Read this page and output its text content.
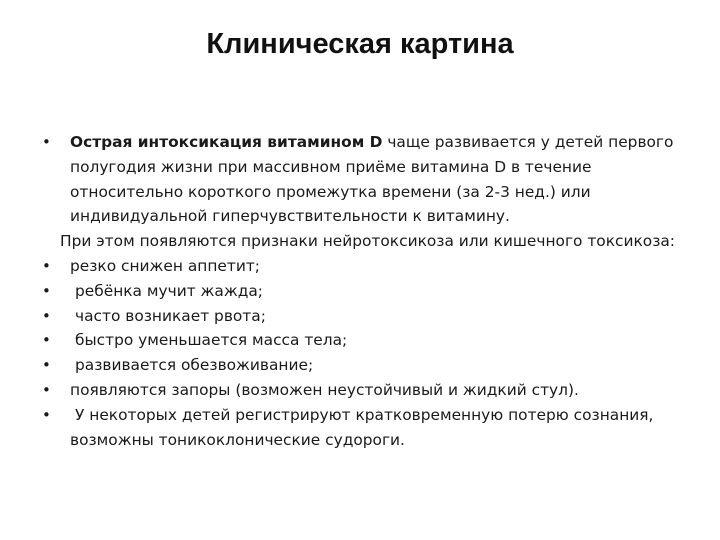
Клиническая картина
•	Острая интоксикация витамином D чаще развивается у детей первого полугодия жизни при массивном приёме витамина D в течение относительно короткого промежутка времени (за 2-3 нед.) или индивидуальной гиперчувствительности к витамину.
При этом появляются признаки нейротоксикоза или кишечного токсикоза:
•	резко снижен аппетит;
•	ребёнка мучит жажда;
•	часто возникает рвота;
•	быстро уменьшается масса тела;
•	развивается обезвоживание;
•	появляются запоры (возможен неустойчивый и жидкий стул).
•	У некоторых детей регистрируют кратковременную потерю сознания, возможны тоникоклонические судороги.
